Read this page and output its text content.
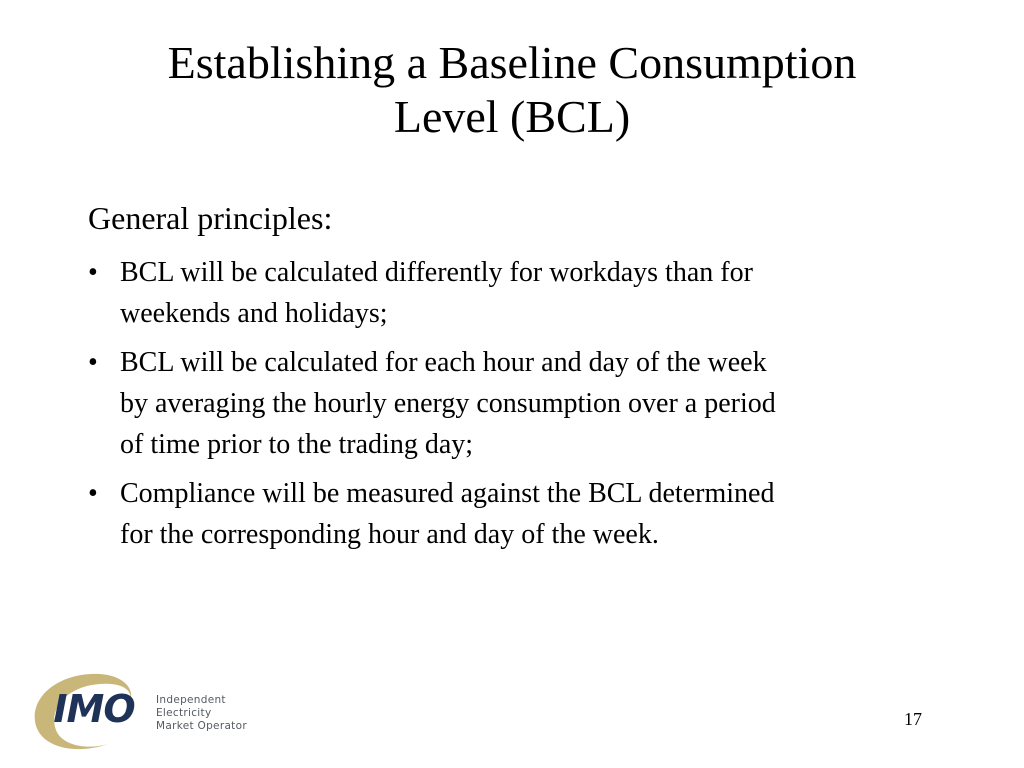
Establishing a Baseline Consumption
Level (BCL)

General principles:

• BCL will be calculated differently for workdays than for
weekends and holidays;
• BCL will be calculated for each hour and day of the week
by averaging the hourly energy consumption over a period
of time prior to the trading day;
• Compliance will be measured against the BCL determined
for the corresponding hour and day of the week.
IMO Independent
Electricity
Market Operator	17
